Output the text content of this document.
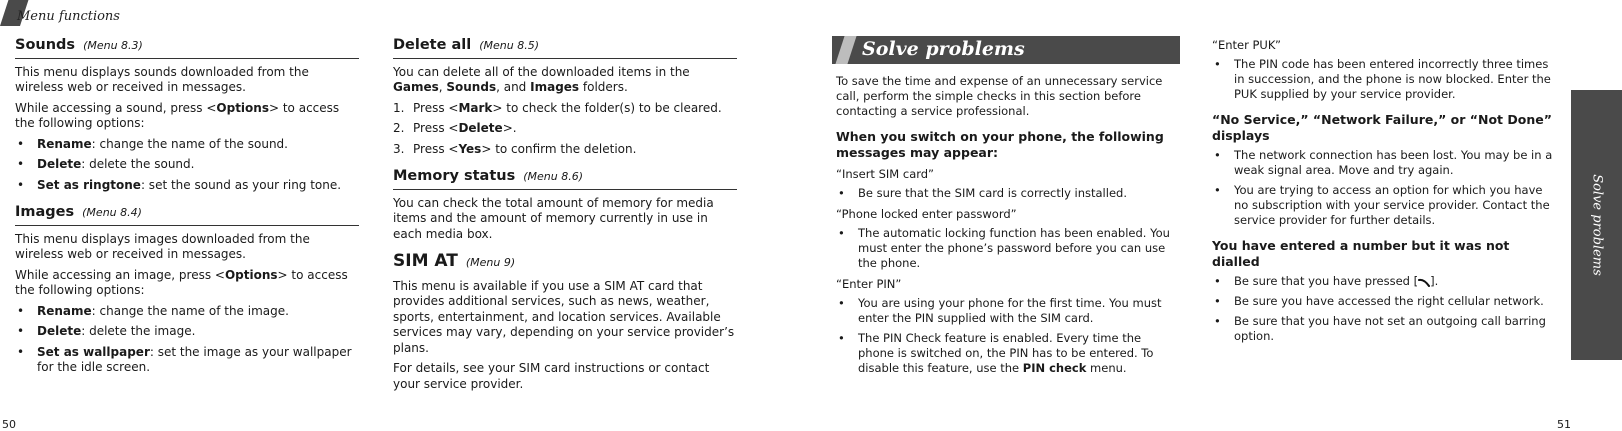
Menu functions
Sounds (Menu 8.3)

This menu displays sounds downloaded from the wireless web or received in messages.

While accessing a sound, press <Options> to access the following options:

• Rename: change the name of the sound.
• Delete: delete the sound.
• Set as ringtone: set the sound as your ring tone.
Images (Menu 8.4)

This menu displays images downloaded from the wireless web or received in messages.

While accessing an image, press <Options> to access the following options:

• Rename: change the name of the image.
• Delete: delete the image.
• Set as wallpaper: set the image as your wallpaper for the idle screen.
Delete all (Menu 8.5)

You can delete all of the downloaded items in the Games, Sounds, and Images folders.

1. Press <Mark> to check the folder(s) to be cleared.
2. Press <Delete>.
3. Press <Yes> to confirm the deletion.
Memory status (Menu 8.6)

You can check the total amount of memory for media items and the amount of memory currently in use in each media box.

SIM AT (Menu 9)

This menu is available if you use a SIM AT card that provides additional services, such as news, weather, sports, entertainment, and location services. Available services may vary, depending on your service provider’s plans.

For details, see your SIM card instructions or contact your service provider.

50
Solve problems

To save the time and expense of an unnecessary service call, perform the simple checks in this section before contacting a service professional.

When you switch on your phone, the following messages may appear:
“Insert SIM card”
• Be sure that the SIM card is correctly installed.
“Phone locked enter password”
• The automatic locking function has been enabled. You must enter the phone’s password before you can use the phone.
“Enter PIN”
• You are using your phone for the first time. You must enter the PIN supplied with the SIM card.
• The PIN Check feature is enabled. Every time the phone is switched on, the PIN has to be entered. To disable this feature, use the PIN check menu.
“Enter PUK”
• The PIN code has been entered incorrectly three times in succession, and the phone is now blocked. Enter the PUK supplied by your service provider.
“No Service,” “Network Failure,” or “Not Done” displays
• The network connection has been lost. You may be in a weak signal area. Move and try again.
• You are trying to access an option for which you have no subscription with your service provider. Contact the service provider for further details.
You have entered a number but it was not dialled
• Be sure that you have pressed [ ].
• Be sure you have accessed the right cellular network.
• Be sure that you have not set an outgoing call barring option.
Solve problems
51
